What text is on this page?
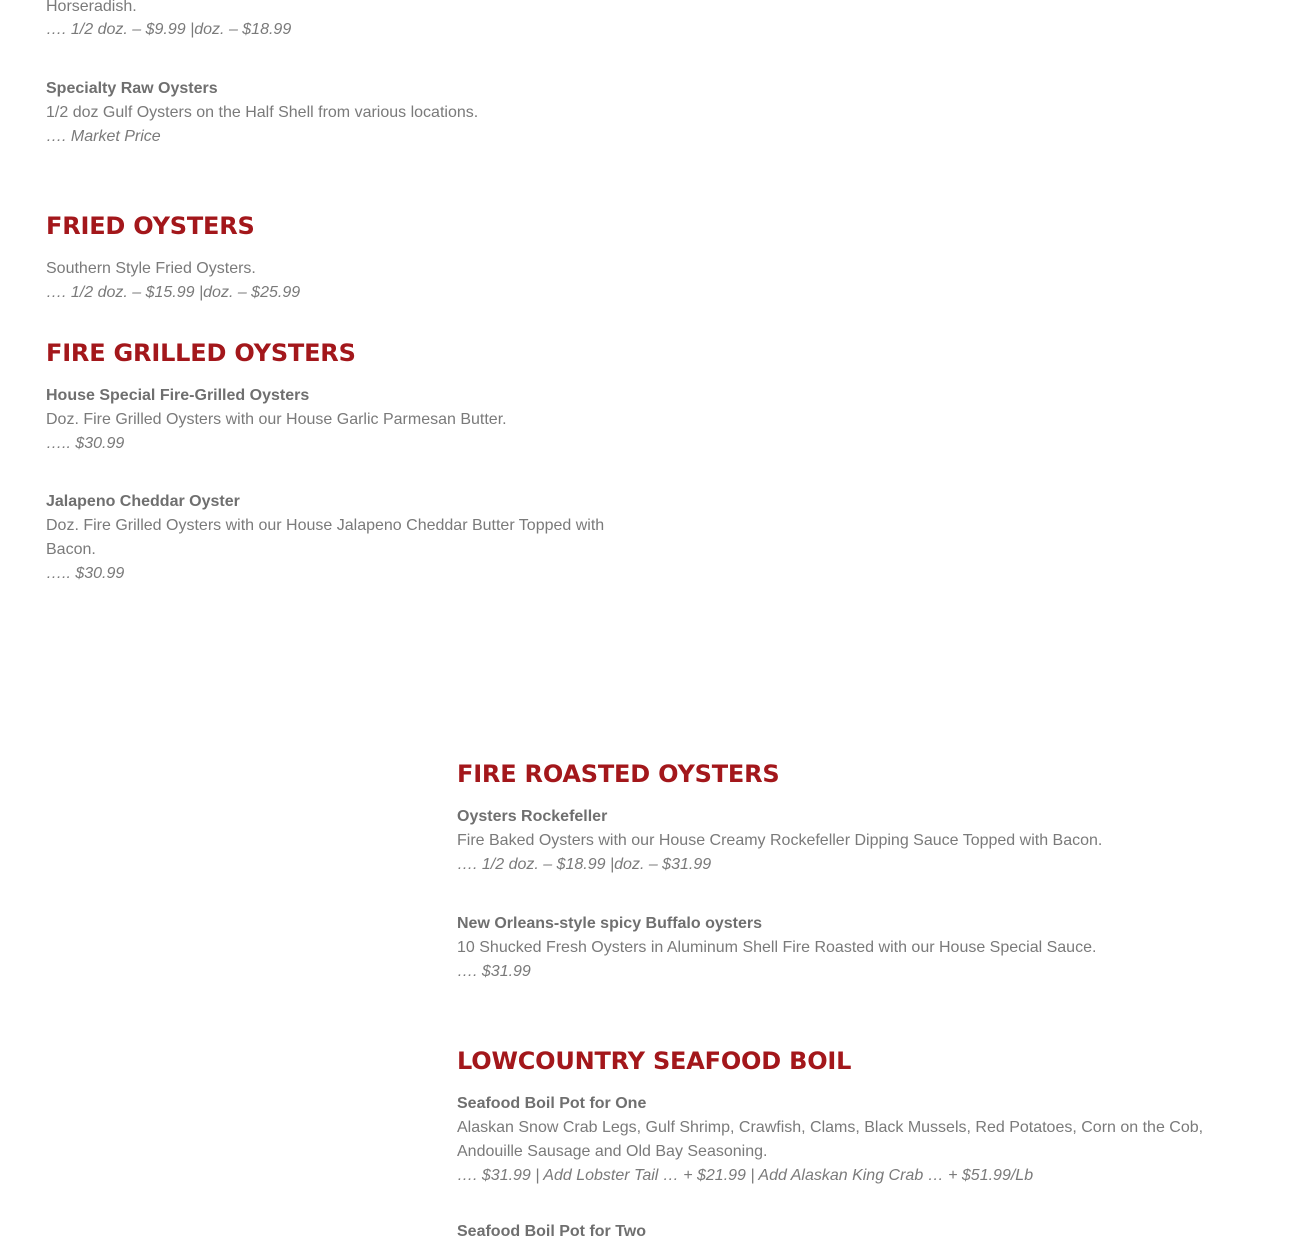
Horseradish.
…. 1/2 doz. – $9.99 |doz. – $18.99
Specialty Raw Oysters
1/2 doz Gulf Oysters on the Half Shell from various locations.
…. Market Price
FRIED OYSTERS
Southern Style Fried Oysters.
…. 1/2 doz. – $15.99 |doz. – $25.99
FIRE GRILLED OYSTERS
House Special Fire-Grilled Oysters
Doz. Fire Grilled Oysters with our House Garlic Parmesan Butter.
….. $30.99
Jalapeno Cheddar Oyster
Doz. Fire Grilled Oysters with our House Jalapeno Cheddar Butter Topped with Bacon.
….. $30.99
FIRE ROASTED OYSTERS
Oysters Rockefeller
Fire Baked Oysters with our House Creamy Rockefeller Dipping Sauce Topped with Bacon.
…. 1/2 doz. – $18.99 |doz. – $31.99
New Orleans-style spicy Buffalo oysters
10 Shucked Fresh Oysters in Aluminum Shell Fire Roasted with our House Special Sauce.
…. $31.99
LOWCOUNTRY SEAFOOD BOIL
Seafood Boil Pot for One
Alaskan Snow Crab Legs, Gulf Shrimp, Crawfish, Clams, Black Mussels, Red Potatoes, Corn on the Cob, Andouille Sausage and Old Bay Seasoning.
…. $31.99 | Add Lobster Tail … + $21.99 | Add Alaskan King Crab … + $51.99/Lb
Seafood Boil Pot for Two
